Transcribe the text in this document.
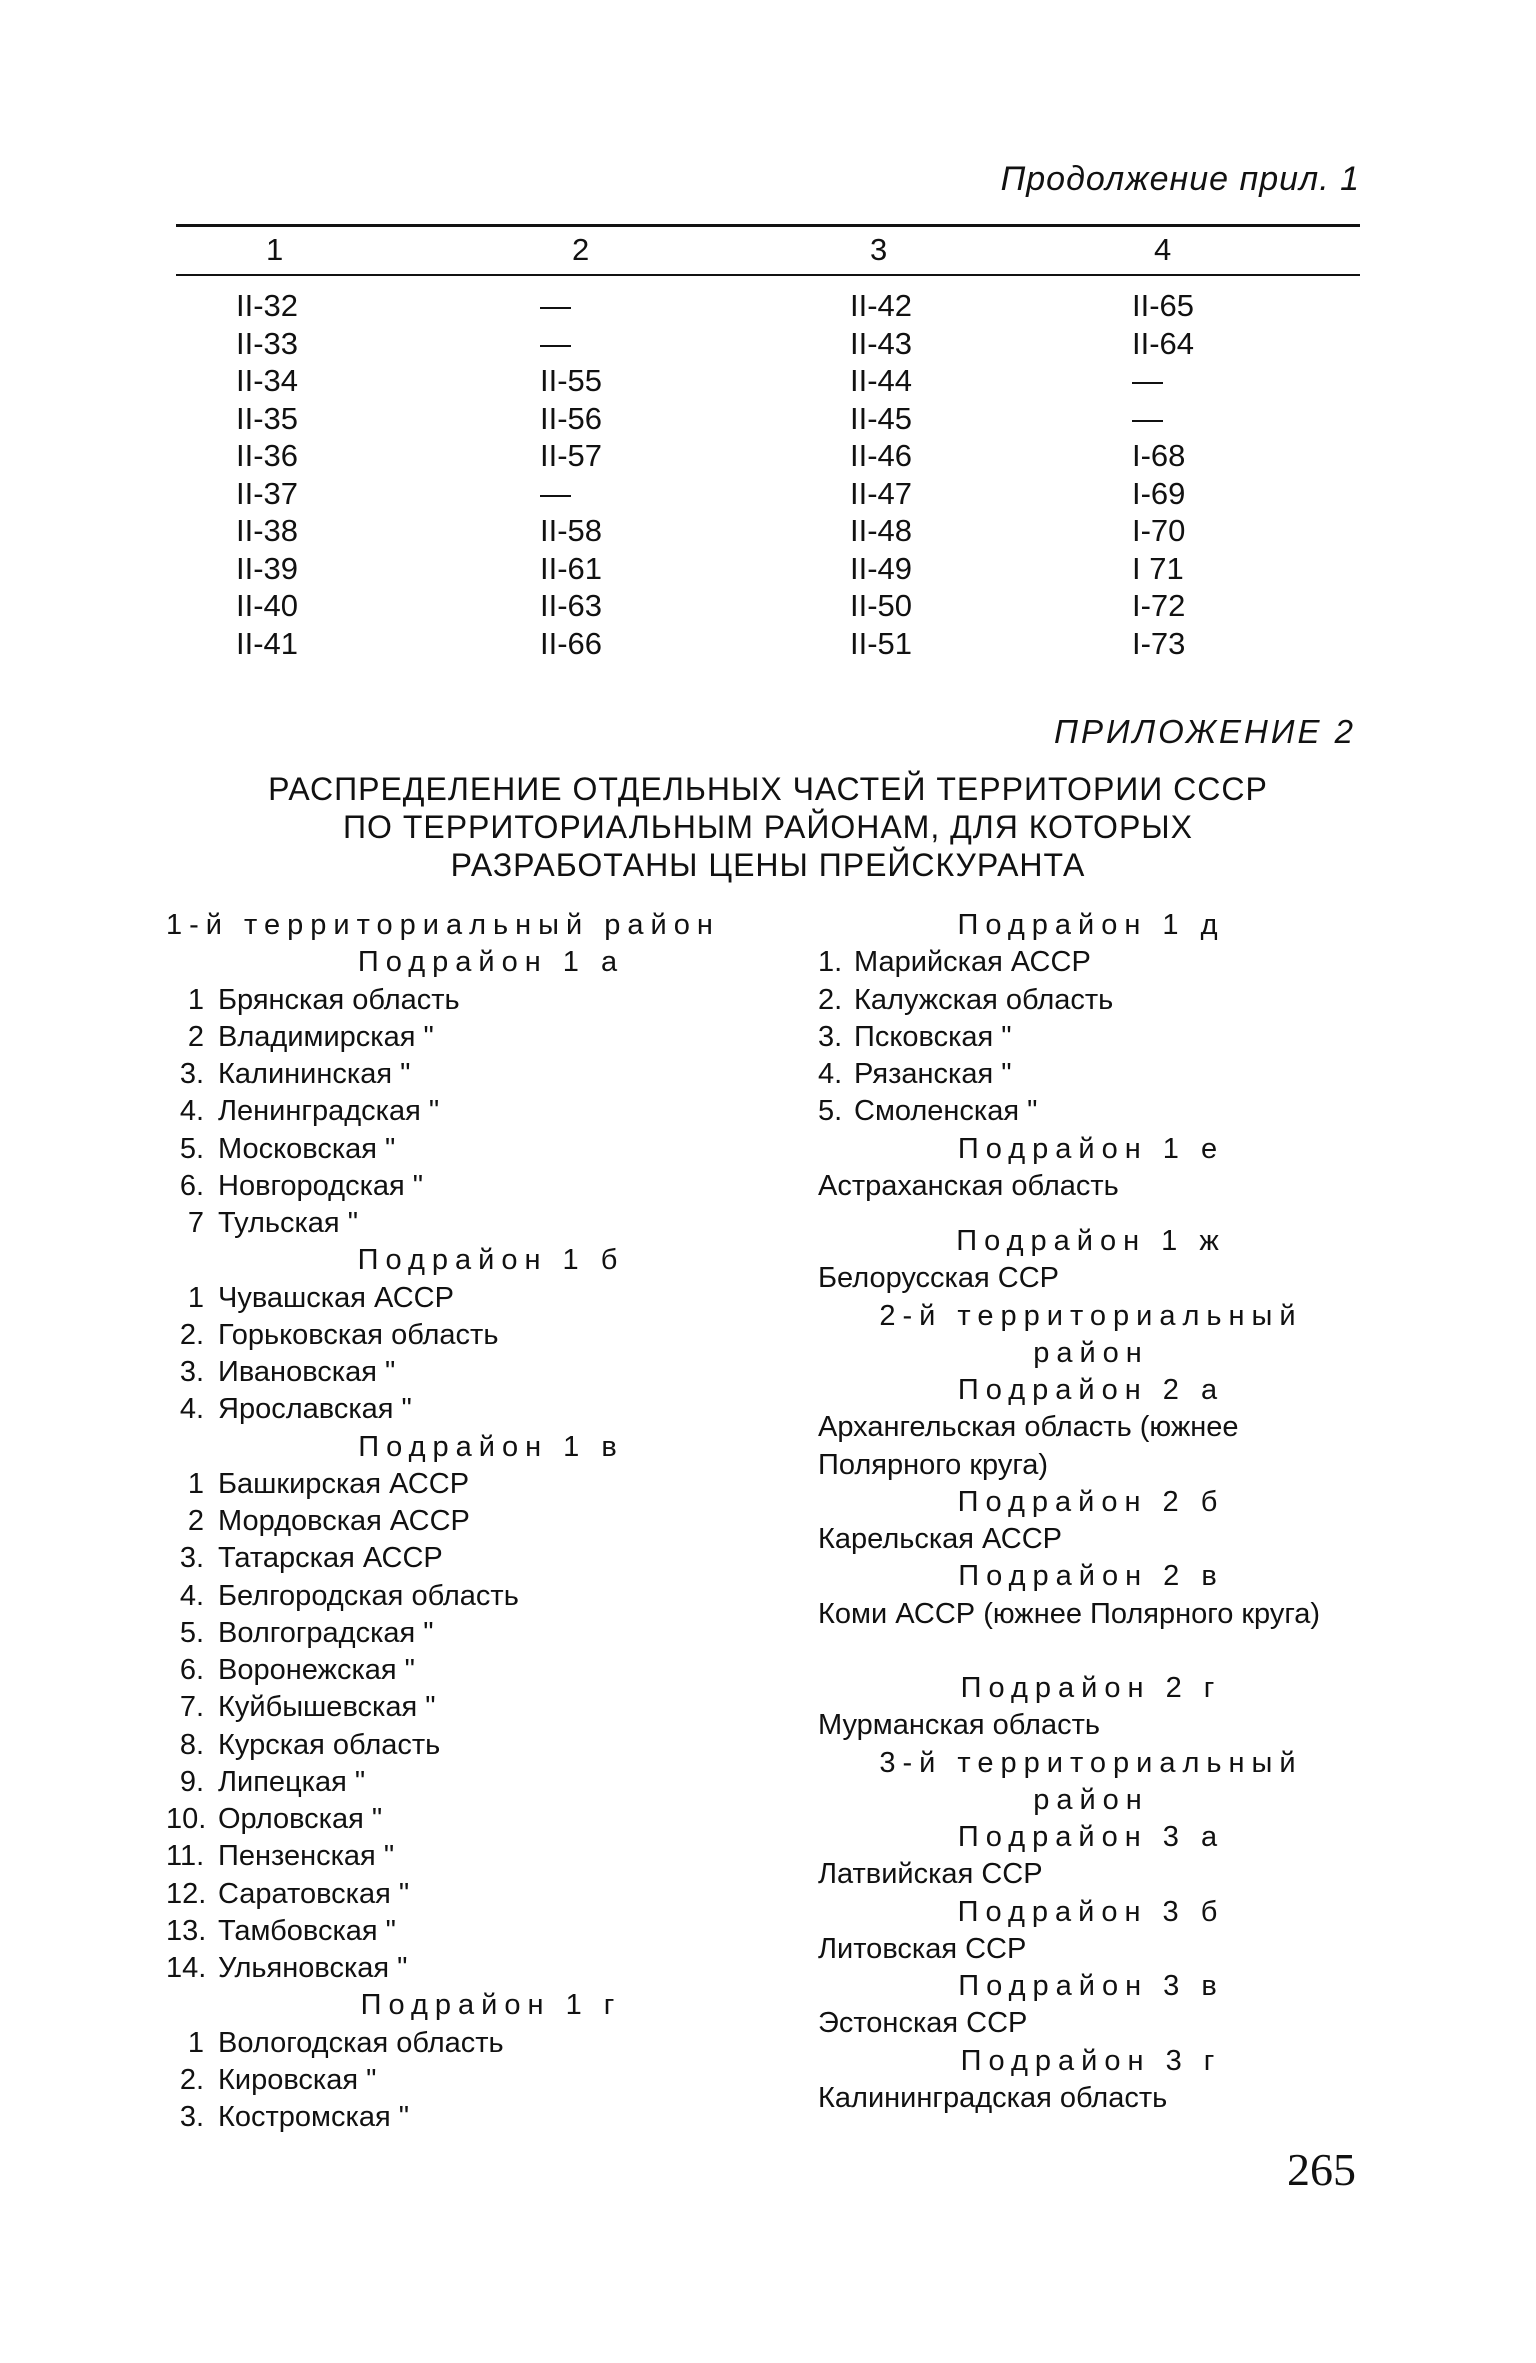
Продолжение прил. 1
1	2	3	4
II-32	—	II-42	II-65
II-33	—	II-43	II-64
II-34	II-55	II-44	—
II-35	II-56	II-45	—
II-36	II-57	II-46	I-68
II-37	—	II-47	I-69
II-38	II-58	II-48	I-70
II-39	II-61	II-49	I 71
II-40	II-63	II-50	I-72
II-41	II-66	II-51	I-73
ПРИЛОЖЕНИЕ 2
РАСПРЕДЕЛЕНИЕ ОТДЕЛЬНЫХ ЧАСТЕЙ ТЕРРИТОРИИ СССР
ПО ТЕРРИТОРИАЛЬНЫМ РАЙОНАМ, ДЛЯ КОТОРЫХ
РАЗРАБОТАНЫ ЦЕНЫ ПРЕЙСКУРАНТА
1-й территориальный район
Подрайон 1 а
1 Брянская область
2 Владимирская "
3. Калининская "
4. Ленинградская "
5. Московская "
6. Новгородская "
7 Тульская "
Подрайон 1 б
1 Чувашская АССР
2. Горьковская область
3. Ивановская "
4. Ярославская "
Подрайон 1 в
1 Башкирская АССР
2 Мордовская АССР
3. Татарская АССР
4. Белгородская область
5. Волгоградская "
6. Воронежская "
7. Куйбышевская "
8. Курская область
9. Липецкая "
10. Орловская "
11. Пензенская "
12. Саратовская "
13. Тамбовская "
14. Ульяновская "
Подрайон 1 г
1 Вологодская область
2. Кировская "
3. Костромская "
Подрайон 1 д
1. Марийская АССР
2. Калужская область
3. Псковская "
4. Рязанская "
5. Смоленская "
Подрайон 1 е
Астраханская область
Подрайон 1 ж
Белорусская ССР
2-й территориальный
район
Подрайон 2 а
Архангельская область (южнее Полярного круга)
Подрайон 2 б
Карельская АССР
Подрайон 2 в
Коми АССР (южнее Полярного круга)
Подрайон 2 г
Мурманская область
3-й территориальный
район
Подрайон 3 а
Латвийская ССР
Подрайон 3 б
Литовская ССР
Подрайон 3 в
Эстонская ССР
Подрайон 3 г
Калининградская область
265
